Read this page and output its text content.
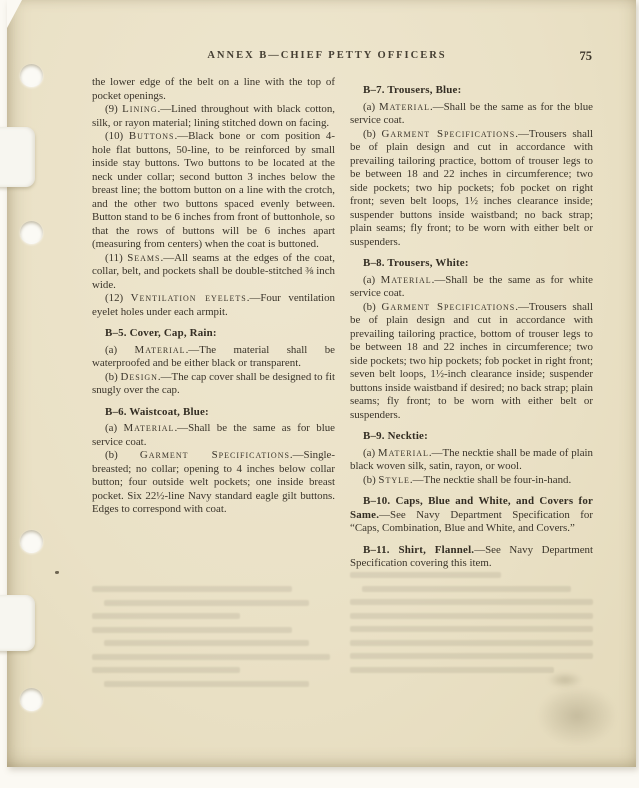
ANNEX B—CHIEF PETTY OFFICERS	75

the lower edge of the belt on a line with the top of pocket openings.

(9) Lining.—Lined throughout with black cotton, silk, or rayon material; lining stitched down on facing.

(10) Buttons.—Black bone or com position 4-hole flat buttons, 50-line, to be reinforced by small inside stay buttons. Two buttons to be located at the neck under collar; second button 3 inches below the breast line; the bottom button on a line with the crotch, and the other two buttons spaced evenly between. Button stand to be 6 inches from front of buttonhole, so that the rows of buttons will be 6 inches apart (measuring from centers) when the coat is buttoned.

(11) Seams.—All seams at the edges of the coat, collar, belt, and pockets shall be double-stitched ⅜ inch wide.

(12) Ventilation eyelets.—Four ventilation eyelet holes under each armpit.

B–5. Cover, Cap, Rain:

(a) Material.—The material shall be waterproofed and be either black or transparent.

(b) Design.—The cap cover shall be designed to fit snugly over the cap.

B–6. Waistcoat, Blue:

(a) Material.—Shall be the same as for blue service coat.

(b) Garment Specifications.—Single-breasted; no collar; opening to 4 inches below collar button; four outside welt pockets; one inside breast pocket. Six 22½-line Navy standard eagle gilt buttons. Edges to correspond with coat.

B–7. Trousers, Blue:

(a) Material.—Shall be the same as for the blue service coat.

(b) Garment Specifications.—Trousers shall be of plain design and cut in accordance with prevailing tailoring practice, bottom of trouser legs to be between 18 and 22 inches in circumference; two side pockets; two hip pockets; fob pocket on right front; seven belt loops, 1½ inches clearance inside; suspender buttons inside waistband; no back strap; plain seams; fly front; to be worn with either belt or suspenders.

B–8. Trousers, White:

(a) Material.—Shall be the same as for white service coat.

(b) Garment Specifications.—Trousers shall be of plain design and cut in accordance with prevailing tailoring practice, bottom of trouser legs to be between 18 and 22 inches in circumference; two side pockets; two hip pockets; fob pocket in right front; seven belt loops, 1½-inch clearance inside; suspender buttons inside waistband if desired; no back strap; plain seams; fly front; to be worn with either belt or suspenders.

B–9. Necktie:

(a) Material.—The necktie shall be made of plain black woven silk, satin, rayon, or wool.

(b) Style.—The necktie shall be four-in-hand.

B–10. Caps, Blue and White, and Covers for Same.—See Navy Department Specification for “Caps, Combination, Blue and White, and Covers.”

B–11. Shirt, Flannel.—See Navy Department Specification covering this item.
